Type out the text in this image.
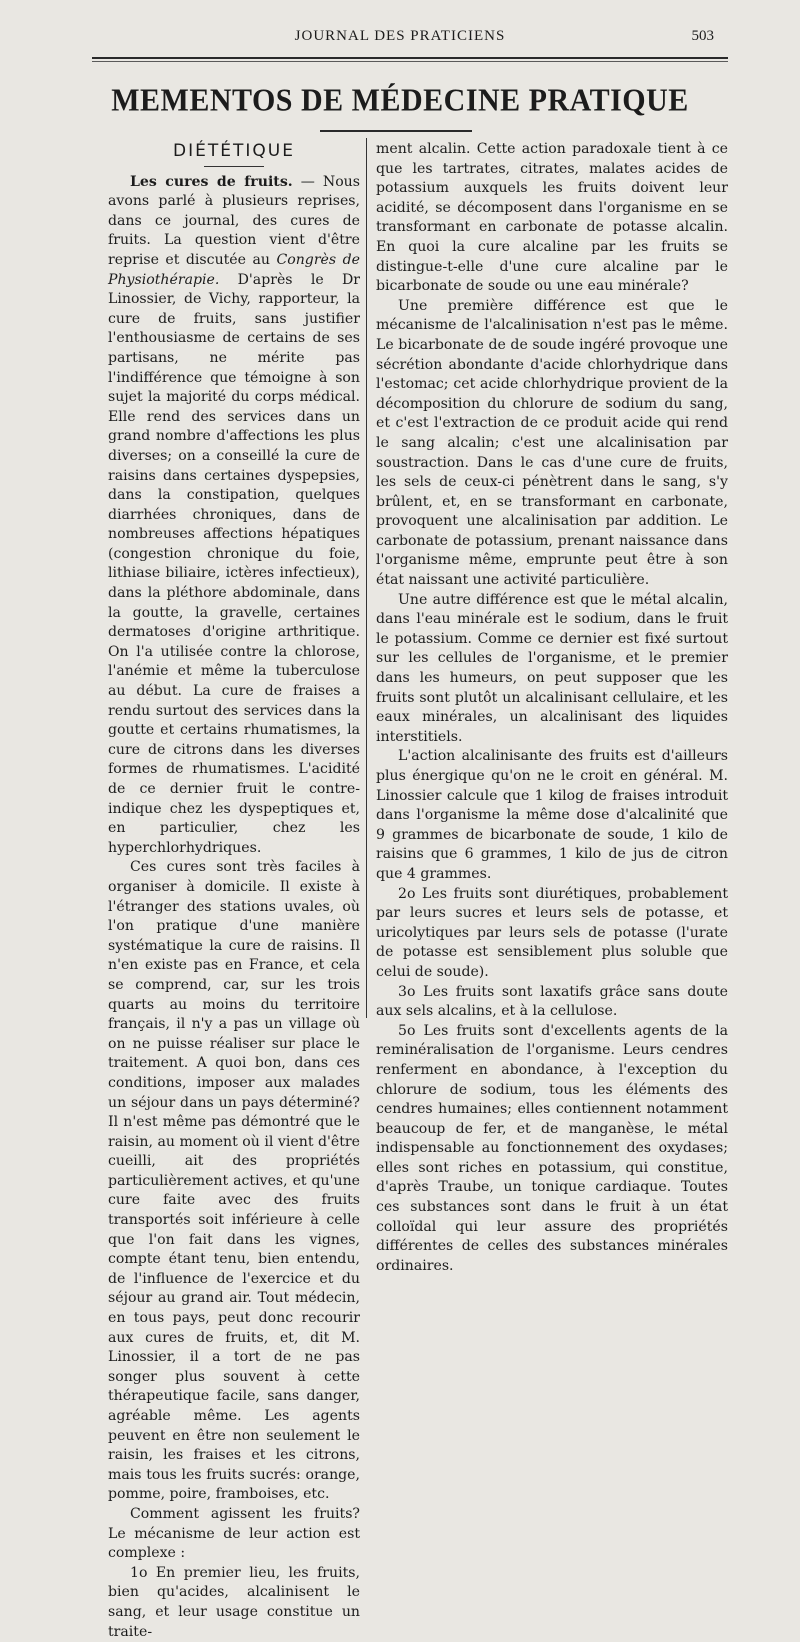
JOURNAL DES PRATICIENS	503
MEMENTOS DE MÉDECINE PRATIQUE
DIÉTÉTIQUE

Les cures de fruits. — Nous avons parlé à plusieurs reprises, dans ce journal, des cures de fruits. La question vient d'être reprise et discutée au Congrès de Physiothérapie. D'après le Dr Linossier, de Vichy, rapporteur, la cure de fruits, sans justifier l'enthousiasme de certains de ses partisans, ne mérite pas l'indifférence que témoigne à son sujet la majorité du corps médical. Elle rend des services dans un grand nombre d'affections les plus diverses; on a conseillé la cure de raisins dans certaines dyspepsies, dans la constipation, quelques diarrhées chroniques, dans de nombreuses affections hépatiques (congestion chronique du foie, lithiase biliaire, ictères infectieux), dans la pléthore abdominale, dans la goutte, la gravelle, certaines dermatoses d'origine arthritique. On l'a utilisée contre la chlorose, l'anémie et même la tuberculose au début. La cure de fraises a rendu surtout des services dans la goutte et certains rhumatismes, la cure de citrons dans les diverses formes de rhumatismes. L'acidité de ce dernier fruit le contre-indique chez les dyspeptiques et, en particulier, chez les hyperchlorhydriques.

Ces cures sont très faciles à organiser à domicile. Il existe à l'étranger des stations uvales, où l'on pratique d'une manière systématique la cure de raisins. Il n'en existe pas en France, et cela se comprend, car, sur les trois quarts au moins du territoire français, il n'y a pas un village où on ne puisse réaliser sur place le traitement. A quoi bon, dans ces conditions, imposer aux malades un séjour dans un pays déterminé? Il n'est même pas démontré que le raisin, au moment où il vient d'être cueilli, ait des propriétés particulièrement actives, et qu'une cure faite avec des fruits transportés soit inférieure à celle que l'on fait dans les vignes, compte étant tenu, bien entendu, de l'influence de l'exercice et du séjour au grand air. Tout médecin, en tous pays, peut donc recourir aux cures de fruits, et, dit M. Linossier, il a tort de ne pas songer plus souvent à cette thérapeutique facile, sans danger, agréable même. Les agents peuvent en être non seulement le raisin, les fraises et les citrons, mais tous les fruits sucrés: orange, pomme, poire, framboises, etc.

Comment agissent les fruits? Le mécanisme de leur action est complexe :

1o En premier lieu, les fruits, bien qu'acides, alcalinisent le sang, et leur usage constitue un traite-

ment alcalin. Cette action paradoxale tient à ce que les tartrates, citrates, malates acides de potassium auxquels les fruits doivent leur acidité, se décomposent dans l'organisme en se transformant en carbonate de potasse alcalin. En quoi la cure alcaline par les fruits se distingue-t-elle d'une cure alcaline par le bicarbonate de soude ou une eau minérale?

Une première différence est que le mécanisme de l'alcalinisation n'est pas le même. Le bicarbonate de de soude ingéré provoque une sécrétion abondante d'acide chlorhydrique dans l'estomac; cet acide chlorhydrique provient de la décomposition du chlorure de sodium du sang, et c'est l'extraction de ce produit acide qui rend le sang alcalin; c'est une alcalinisation par soustraction. Dans le cas d'une cure de fruits, les sels de ceux-ci pénètrent dans le sang, s'y brûlent, et, en se transformant en carbonate, provoquent une alcalinisation par addition. Le carbonate de potassium, prenant naissance dans l'organisme même, emprunte peut être à son état naissant une activité particulière.

Une autre différence est que le métal alcalin, dans l'eau minérale est le sodium, dans le fruit le potassium. Comme ce dernier est fixé surtout sur les cellules de l'organisme, et le premier dans les humeurs, on peut supposer que les fruits sont plutôt un alcalinisant cellulaire, et les eaux minérales, un alcalinisant des liquides interstitiels.

L'action alcalinisante des fruits est d'ailleurs plus énergique qu'on ne le croit en général. M. Linossier calcule que 1 kilog de fraises introduit dans l'organisme la même dose d'alcalinité que 9 grammes de bicarbonate de soude, 1 kilo de raisins que 6 grammes, 1 kilo de jus de citron que 4 grammes.

2o Les fruits sont diurétiques, probablement par leurs sucres et leurs sels de potasse, et uricolytiques par leurs sels de potasse (l'urate de potasse est sensiblement plus soluble que celui de soude).

3o Les fruits sont laxatifs grâce sans doute aux sels alcalins, et à la cellulose.

5o Les fruits sont d'excellents agents de la reminéralisation de l'organisme. Leurs cendres renferment en abondance, à l'exception du chlorure de sodium, tous les éléments des cendres humaines; elles contiennent notamment beaucoup de fer, et de manganèse, le métal indispensable au fonctionnement des oxydases; elles sont riches en potassium, qui constitue, d'après Traube, un tonique cardiaque. Toutes ces substances sont dans le fruit à un état colloïdal qui leur assure des propriétés différentes de celles des substances minérales ordinaires.
